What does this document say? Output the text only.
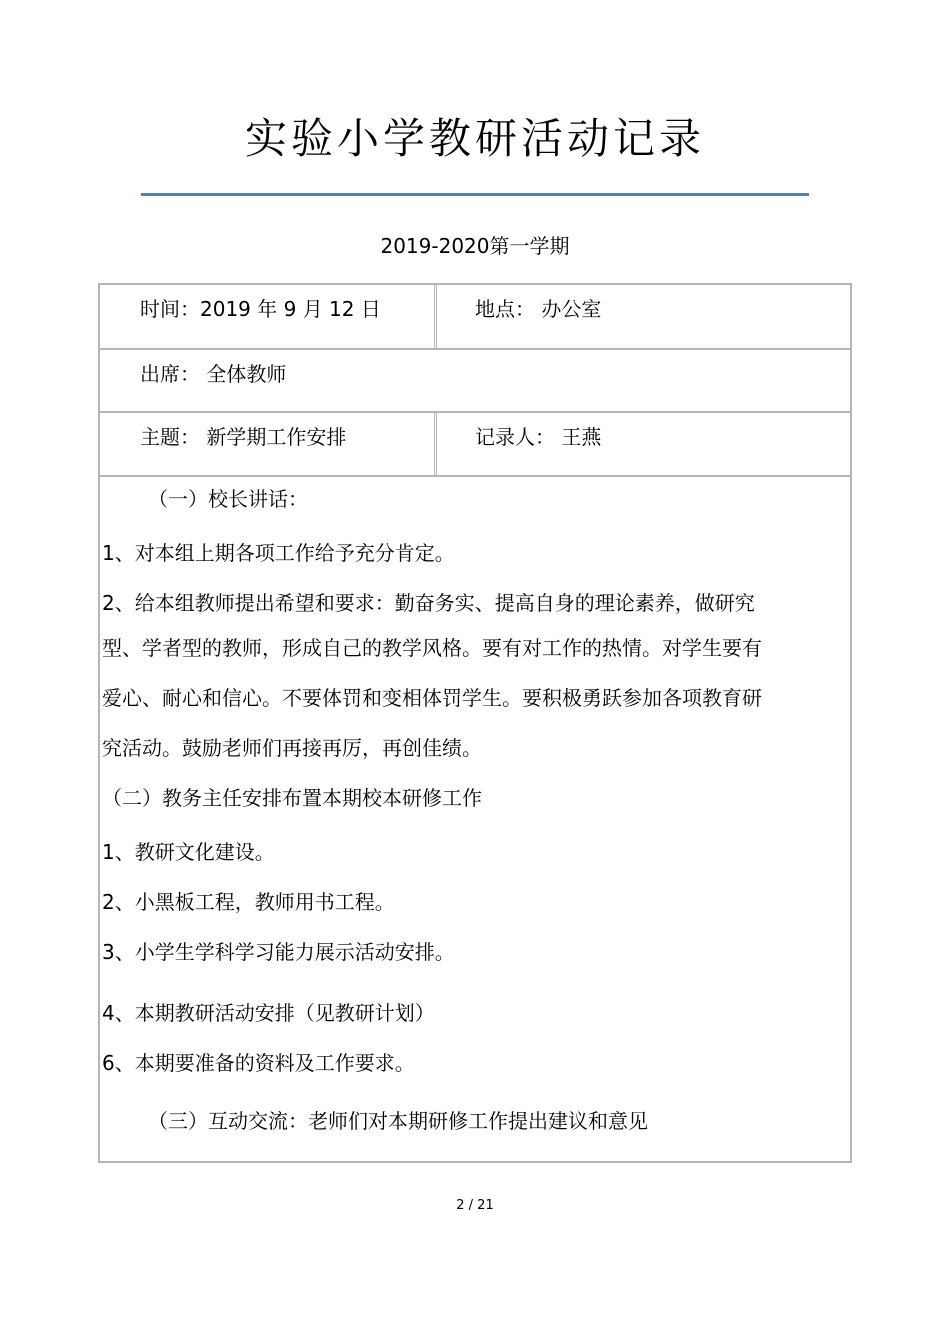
实验小学教研活动记录
2019-2020第一学期
时间：2019 年 9 月 12 日	地点： 办公室
出席： 全体教师
主题： 新学期工作安排	记录人： 王燕
（一）校长讲话：
1、对本组上期各项工作给予充分肯定。
2、给本组教师提出希望和要求：勤奋务实、提高自身的理论素养，做研究
型、学者型的教师，形成自己的教学风格。要有对工作的热情。对学生要有
爱心、耐心和信心。不要体罚和变相体罚学生。要积极勇跃参加各项教育研
究活动。鼓励老师们再接再厉，再创佳绩。
（二）教务主任安排布置本期校本研修工作
1、教研文化建设。
2、小黑板工程，教师用书工程。
3、小学生学科学习能力展示活动安排。
4、本期教研活动安排（见教研计划）
6、本期要准备的资料及工作要求。
（三）互动交流：老师们对本期研修工作提出建议和意见
2 / 21
